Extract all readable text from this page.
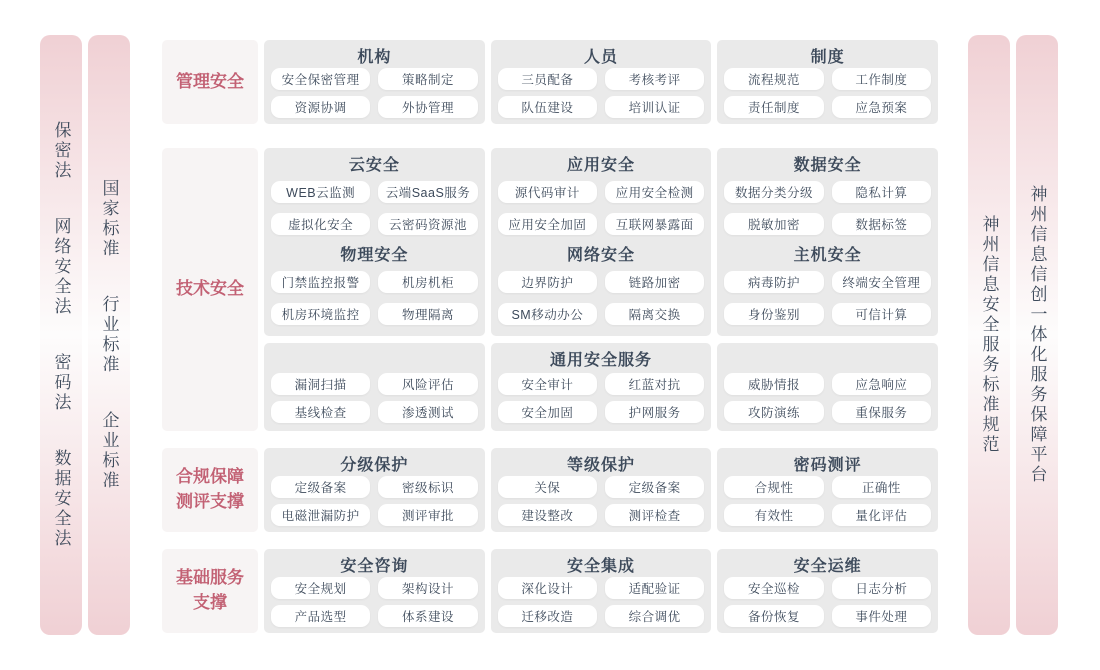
保密法 网络安全法 密码法 数据安全法 国家标准 行业标准 企业标准	神州信息安全服务标准规范 神州信息信创一体化服务保障平台
管理安全
机构
安全保密管理	策略制定
资源协调	外协管理
人员
三员配备	考核考评
队伍建设	培训认证
制度
流程规范	工作制度
责任制度	应急预案
技术安全
云安全
WEB云监测	云端SaaS服务
虚拟化安全	云密码资源池
物理安全
门禁监控报警	机房机柜
机房环境监控	物理隔离
漏洞扫描	风险评估
基线检查	渗透测试
应用安全
源代码审计	应用安全检测
应用安全加固	互联网暴露面
网络安全
边界防护	链路加密
SM移动办公	隔离交换
通用安全服务
安全审计	红蓝对抗
安全加固	护网服务
数据安全
数据分类分级	隐私计算
脱敏加密	数据标签
主机安全
病毒防护	终端安全管理
身份鉴别	可信计算
威胁情报	应急响应
攻防演练	重保服务
合规保障测评支撑
分级保护
定级备案	密级标识
电磁泄漏防护	测评审批
等级保护
关保	定级备案
建设整改	测评检查
密码测评
合规性	正确性
有效性	量化评估
基础服务支撑
安全咨询
安全规划	架构设计
产品选型	体系建设
安全集成
深化设计	适配验证
迁移改造	综合调优
安全运维
安全巡检	日志分析
备份恢复	事件处理
